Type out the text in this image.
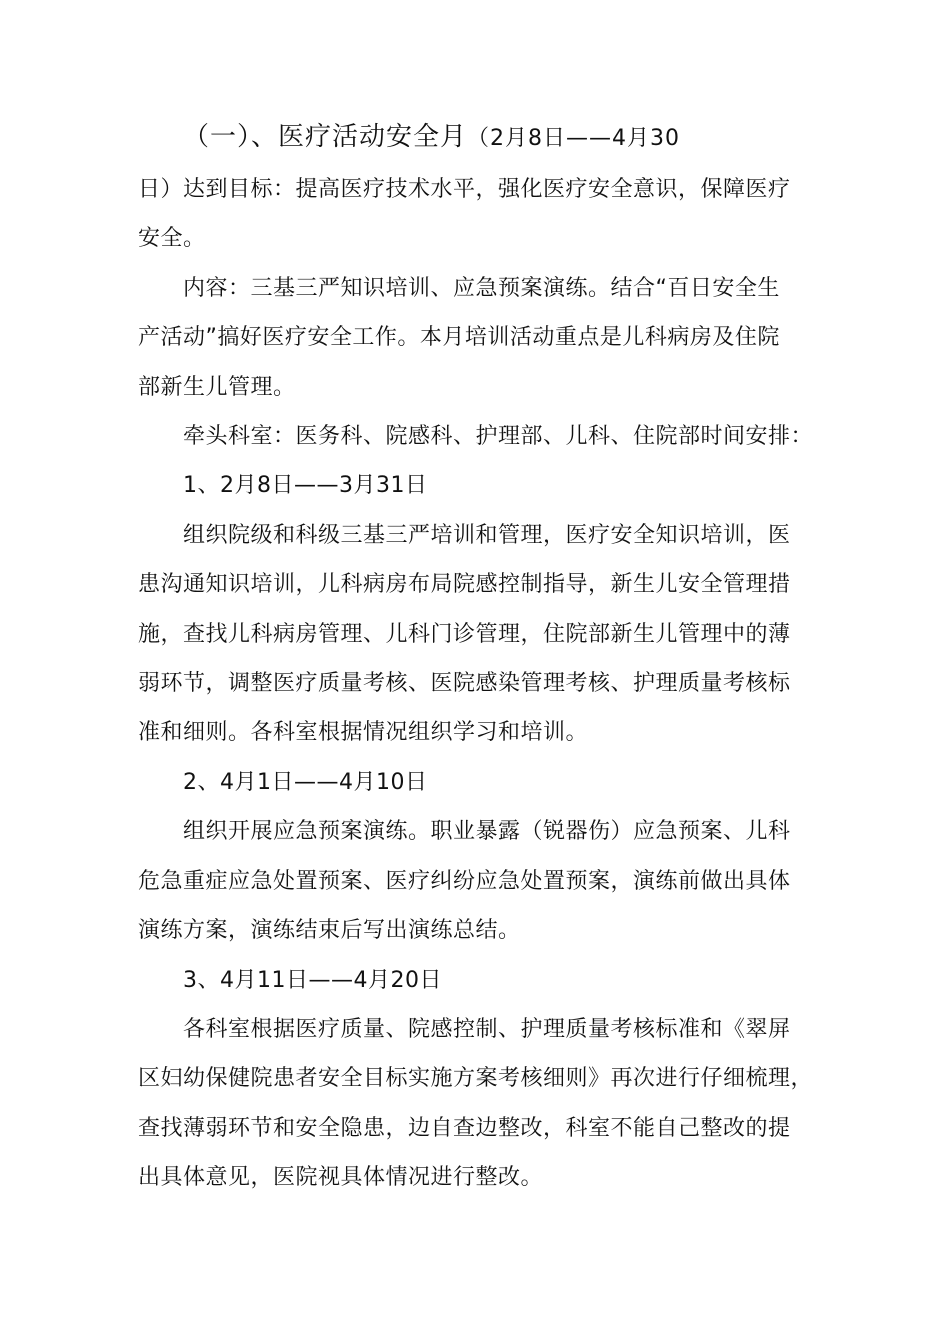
（一）、医疗活动安全月（2月8日——4月30
日）达到目标：提高医疗技术水平，强化医疗安全意识，保障医疗
安全。
内容：三基三严知识培训、应急预案演练。结合“百日安全生
产活动”搞好医疗安全工作。本月培训活动重点是儿科病房及住院
部新生儿管理。
牵头科室：医务科、院感科、护理部、儿科、住院部时间安排：
1、2月8日——3月31日
组织院级和科级三基三严培训和管理，医疗安全知识培训，医
患沟通知识培训，儿科病房布局院感控制指导，新生儿安全管理措
施，查找儿科病房管理、儿科门诊管理，住院部新生儿管理中的薄
弱环节，调整医疗质量考核、医院感染管理考核、护理质量考核标
准和细则。各科室根据情况组织学习和培训。
2、4月1日——4月10日
组织开展应急预案演练。职业暴露（锐器伤）应急预案、儿科
危急重症应急处置预案、医疗纠纷应急处置预案，演练前做出具体
演练方案，演练结束后写出演练总结。
3、4月11日——4月20日
各科室根据医疗质量、院感控制、护理质量考核标准和《翠屏
区妇幼保健院患者安全目标实施方案考核细则》再次进行仔细梳理，
查找薄弱环节和安全隐患，边自查边整改，科室不能自己整改的提
出具体意见，医院视具体情况进行整改。
